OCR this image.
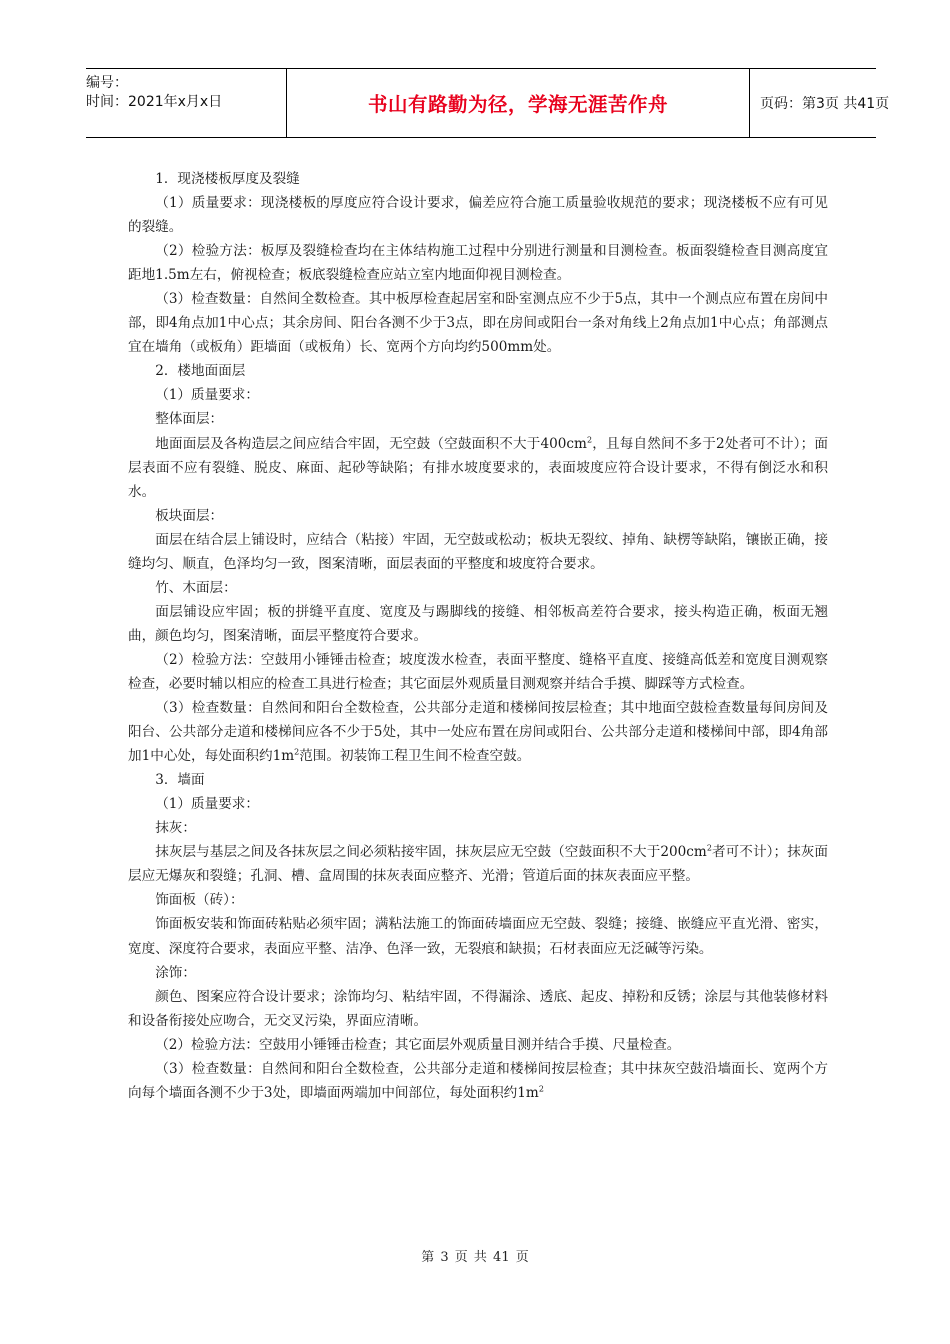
编号：
时间：2021年x月x日	书山有路勤为径，学海无涯苦作舟	页码：第3页 共41页

1．现浇楼板厚度及裂缝

（1）质量要求：现浇楼板的厚度应符合设计要求，偏差应符合施工质量验收规范的要求；现浇楼板不应有可见的裂缝。

（2）检验方法：板厚及裂缝检查均在主体结构施工过程中分别进行测量和目测检查。板面裂缝检查目测高度宜距地1.5m左右，俯视检查；板底裂缝检查应站立室内地面仰视目测检查。

（3）检查数量：自然间全数检查。其中板厚检查起居室和卧室测点应不少于5点，其中一个测点应布置在房间中部，即4角点加1中心点；其余房间、阳台各测不少于3点，即在房间或阳台一条对角线上2角点加1中心点；角部测点宜在墙角（或板角）距墙面（或板角）长、宽两个方向均约500mm处。

2．楼地面面层

（1）质量要求：

整体面层：

地面面层及各构造层之间应结合牢固，无空鼓（空鼓面积不大于$400cm^2$，且每自然间不多于2处者可不计）；面层表面不应有裂缝、脱皮、麻面、起砂等缺陷；有排水坡度要求的，表面坡度应符合设计要求，不得有倒泛水和积水。

板块面层：

面层在结合层上铺设时，应结合（粘接）牢固，无空鼓或松动；板块无裂纹、掉角、缺楞等缺陷，镶嵌正确，接缝均匀、顺直，色泽均匀一致，图案清晰，面层表面的平整度和坡度符合要求。

竹、木面层：

面层铺设应牢固；板的拼缝平直度、宽度及与踢脚线的接缝、相邻板高差符合要求，接头构造正确，板面无翘曲，颜色均匀，图案清晰，面层平整度符合要求。

（2）检验方法：空鼓用小锤锤击检查；坡度泼水检查，表面平整度、缝格平直度、接缝高低差和宽度目测观察检查，必要时辅以相应的检查工具进行检查；其它面层外观质量目测观察并结合手摸、脚踩等方式检查。

（3）检查数量：自然间和阳台全数检查，公共部分走道和楼梯间按层检查；其中地面空鼓检查数量每间房间及阳台、公共部分走道和楼梯间应各不少于5处，其中一处应布置在房间或阳台、公共部分走道和楼梯间中部，即4角部加1中心处，每处面积约$1m^2$范围。初装饰工程卫生间不检查空鼓。

3．墙面

（1）质量要求：

抹灰：

抹灰层与基层之间及各抹灰层之间必须粘接牢固，抹灰层应无空鼓（空鼓面积不大于$200cm^2$者可不计）；抹灰面层应无爆灰和裂缝；孔洞、槽、盒周围的抹灰表面应整齐、光滑；管道后面的抹灰表面应平整。

饰面板（砖）：

饰面板安装和饰面砖粘贴必须牢固；满粘法施工的饰面砖墙面应无空鼓、裂缝；接缝、嵌缝应平直光滑、密实，宽度、深度符合要求，表面应平整、洁净、色泽一致，无裂痕和缺损；石材表面应无泛碱等污染。

涂饰：

颜色、图案应符合设计要求；涂饰均匀、粘结牢固，不得漏涂、透底、起皮、掉粉和反锈；涂层与其他装修材料和设备衔接处应吻合，无交叉污染，界面应清晰。

（2）检验方法：空鼓用小锤锤击检查；其它面层外观质量目测并结合手摸、尺量检查。

（3）检查数量：自然间和阳台全数检查，公共部分走道和楼梯间按层检查；其中抹灰空鼓沿墙面长、宽两个方向每个墙面各测不少于3处，即墙面两端加中间部位，每处面积约$1m^2$

第 3 页 共 41 页
